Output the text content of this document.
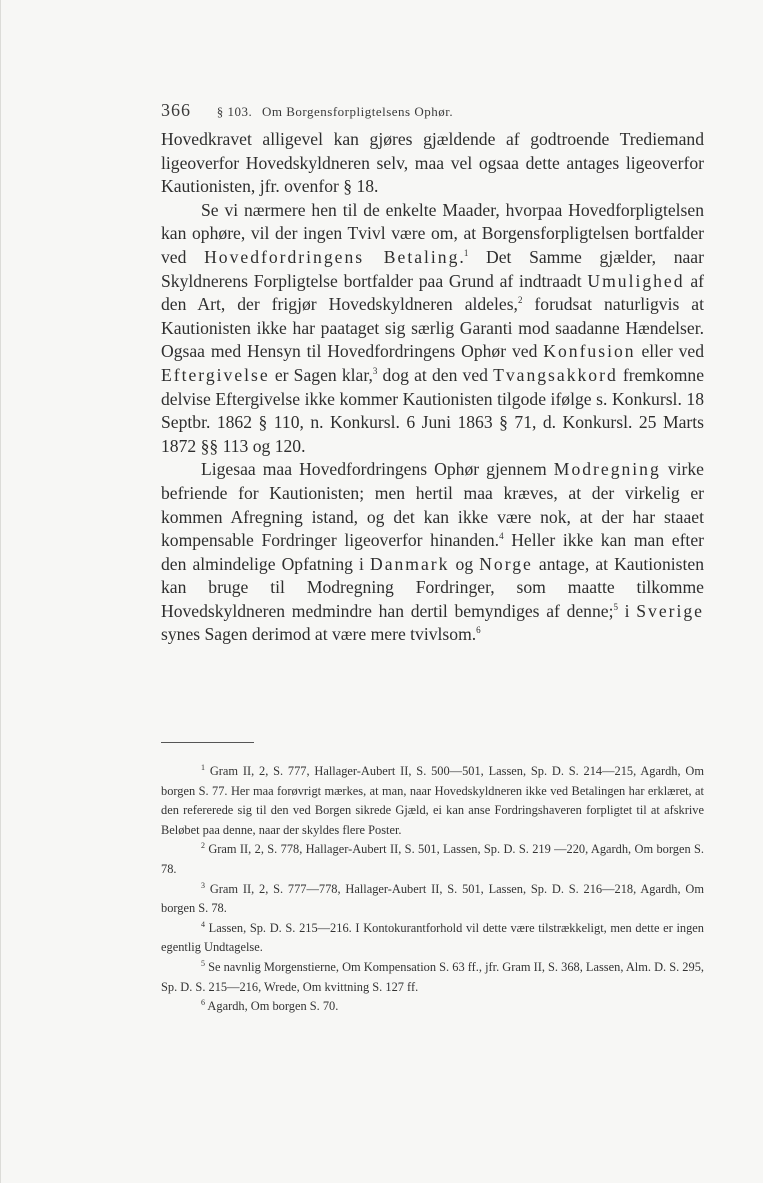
366 § 103. Om Borgensforpligtelsens Ophør.

Hovedkravet alligevel kan gjøres gjældende af godtroende Trediemand ligeoverfor Hovedskyldneren selv, maa vel ogsaa dette antages ligeoverfor Kautionisten, jfr. ovenfor § 18.

Se vi nærmere hen til de enkelte Maader, hvorpaa Hovedforpligtelsen kan ophøre, vil der ingen Tvivl være om, at Borgensforpligtelsen bortfalder ved Hovedfordringens Betaling.$^1$ Det Samme gjælder, naar Skyldnerens Forpligtelse bortfalder paa Grund af indtraadt Umulighed af den Art, der frigjør Hovedskyldneren aldeles,$^2$ forudsat naturligvis at Kautionisten ikke har paataget sig særlig Garanti mod saadanne Hændelser. Ogsaa med Hensyn til Hovedfordringens Ophør ved Konfusion eller ved Eftergivelse er Sagen klar,$^3$ dog at den ved Tvangsakkord fremkomne delvise Eftergivelse ikke kommer Kautionisten tilgode ifølge s. Konkursl. 18 Septbr. 1862 § 110, n. Konkursl. 6 Juni 1863 § 71, d. Konkursl. 25 Marts 1872 §§ 113 og 120.

Ligesaa maa Hovedfordringens Ophør gjennem Modregning virke befriende for Kautionisten; men hertil maa kræves, at der virkelig er kommen Afregning istand, og det kan ikke være nok, at der har staaet kompensable Fordringer ligeoverfor hinanden.$^4$ Heller ikke kan man efter den almindelige Opfatning i Danmark og Norge antage, at Kautionisten kan bruge til Modregning Fordringer, som maatte tilkomme Hovedskyldneren medmindre han dertil bemyndiges af denne;$^5$ i Sverige synes Sagen derimod at være mere tvivlsom.$^6$

$^1$ Gram II, 2, S. 777, Hallager-Aubert II, S. 500—501, Lassen, Sp. D. S. 214—215, Agardh, Om borgen S. 77. Her maa forøvrigt mærkes, at man, naar Hovedskyldneren ikke ved Betalingen har erklæret, at den refererede sig til den ved Borgen sikrede Gjæld, ei kan anse Fordringshaveren forpligtet til at afskrive Beløbet paa denne, naar der skyldes flere Poster.

$^2$ Gram II, 2, S. 778, Hallager-Aubert II, S. 501, Lassen, Sp. D. S. 219 —220, Agardh, Om borgen S. 78.

$^3$ Gram II, 2, S. 777—778, Hallager-Aubert II, S. 501, Lassen, Sp. D. S. 216—218, Agardh, Om borgen S. 78.

$^4$ Lassen, Sp. D. S. 215—216. I Kontokurantforhold vil dette være tilstrækkeligt, men dette er ingen egentlig Undtagelse.

$^5$ Se navnlig Morgenstierne, Om Kompensation S. 63 ff., jfr. Gram II, S. 368, Lassen, Alm. D. S. 295, Sp. D. S. 215—216, Wrede, Om kvittning S. 127 ff.

$^6$ Agardh, Om borgen S. 70.
